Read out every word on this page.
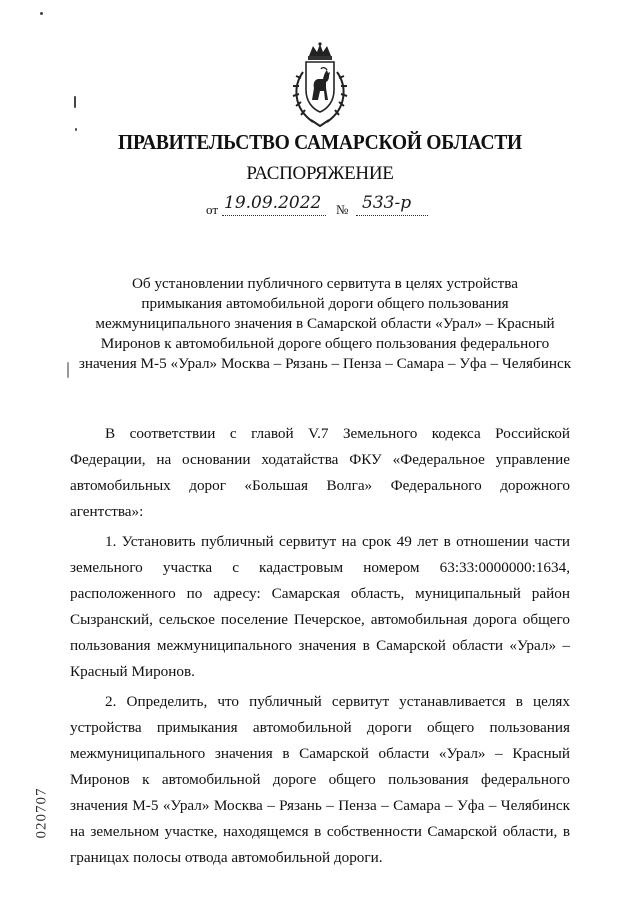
ПРАВИТЕЛЬСТВО САМАРСКОЙ ОБЛАСТИ
РАСПОРЯЖЕНИЕ
от 19.09.2022 № 533-р
Об установлении публичного сервитута в целях устройства
примыкания автомобильной дороги общего пользования
межмуниципального значения в Самарской области «Урал» – Красный
Миронов к автомобильной дороге общего пользования федерального
значения М-5 «Урал» Москва – Рязань – Пенза – Самара – Уфа – Челябинск

В соответствии с главой V.7 Земельного кодекса Российской Федерации, на основании ходатайства ФКУ «Федеральное управление автомобильных дорог «Большая Волга» Федерального дорожного агентства»:

1. Установить публичный сервитут на срок 49 лет в отношении части земельного участка с кадастровым номером 63:33:0000000:1634, расположенного по адресу: Самарская область, муниципальный район Сызранский, сельское поселение Печерское, автомобильная дорога общего пользования межмуниципального значения в Самарской области «Урал» – Красный Миронов.

2. Определить, что публичный сервитут устанавливается в целях устройства примыкания автомобильной дороги общего пользования межмуниципального значения в Самарской области «Урал» – Красный Миронов к автомобильной дороге общего пользования федерального значения М-5 «Урал» Москва – Рязань – Пенза – Самара – Уфа – Челябинск на земельном участке, находящемся в собственности Самарской области, в границах полосы отвода автомобильной дороги.

020707
